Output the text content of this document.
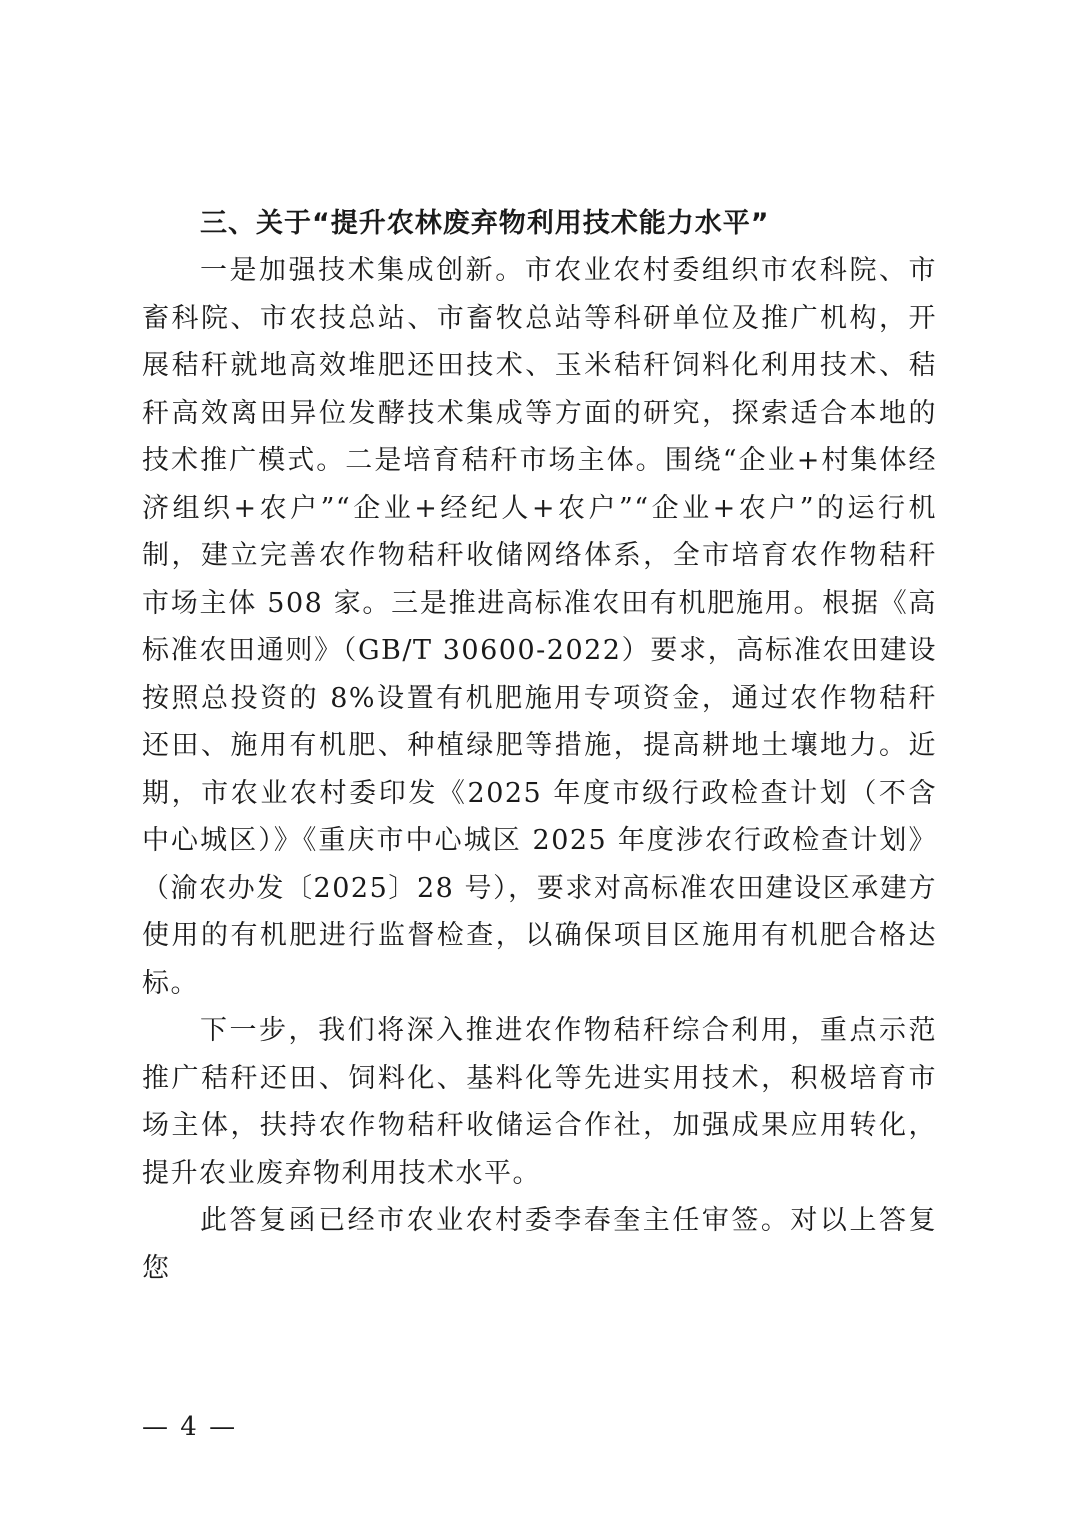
三、关于“提升农林废弃物利用技术能力水平”

一是加强技术集成创新。市农业农村委组织市农科院、市畜科院、市农技总站、市畜牧总站等科研单位及推广机构，开展秸秆就地高效堆肥还田技术、玉米秸秆饲料化利用技术、秸秆高效离田异位发酵技术集成等方面的研究，探索适合本地的技术推广模式。二是培育秸秆市场主体。围绕“企业+村集体经济组织+农户”“企业+经纪人+农户”“企业+农户”的运行机制，建立完善农作物秸秆收储网络体系，全市培育农作物秸秆市场主体 508 家。三是推进高标准农田有机肥施用。根据《高标准农田通则》（GB/T 30600-2022）要求，高标准农田建设按照总投资的 8%设置有机肥施用专项资金，通过农作物秸秆还田、施用有机肥、种植绿肥等措施，提高耕地土壤地力。近期，市农业农村委印发《2025 年度市级行政检查计划（不含中心城区）》《重庆市中心城区 2025 年度涉农行政检查计划》（渝农办发〔2025〕28 号），要求对高标准农田建设区承建方使用的有机肥进行监督检查，以确保项目区施用有机肥合格达标。

下一步，我们将深入推进农作物秸秆综合利用，重点示范推广秸秆还田、饲料化、基料化等先进实用技术，积极培育市场主体，扶持农作物秸秆收储运合作社，加强成果应用转化，提升农业废弃物利用技术水平。

此答复函已经市农业农村委李春奎主任审签。对以上答复您

— 4 —
